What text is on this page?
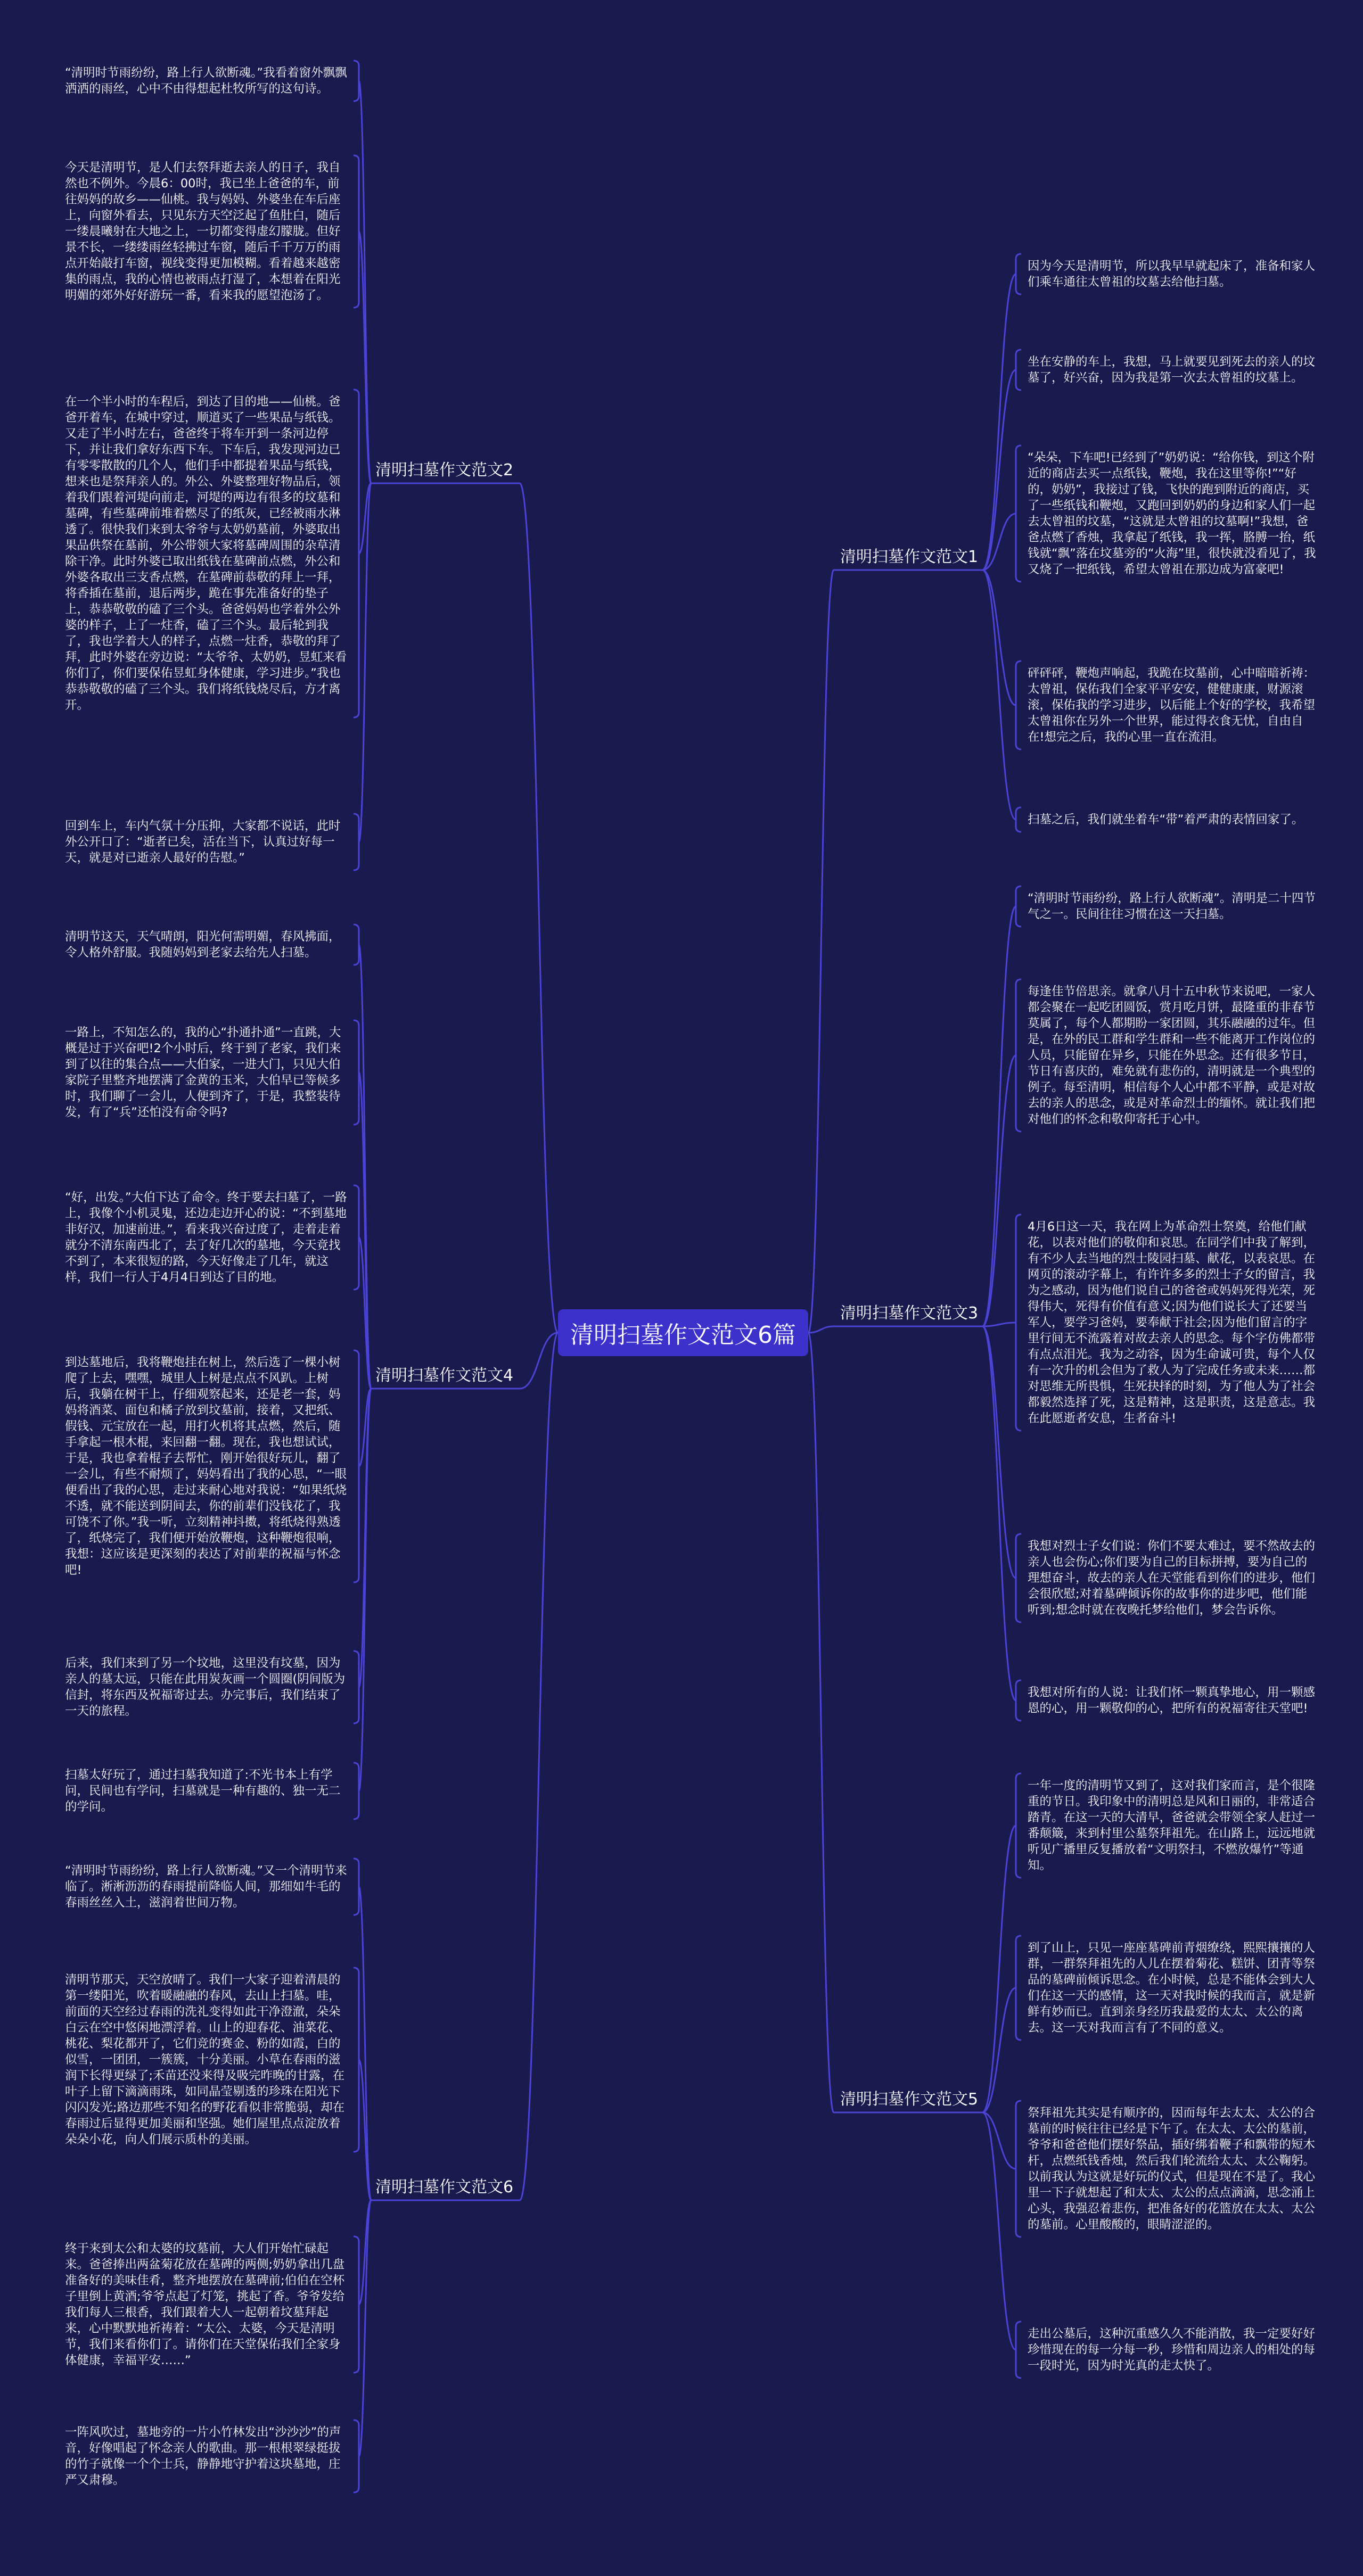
清明扫墓作文范文6篇

清明扫墓作文范文1

因为今天是清明节，所以我早早就起床了，准备和家人们乘车通往太曾祖的坟墓去给他扫墓。

坐在安静的车上，我想，马上就要见到死去的亲人的坟墓了，好兴奋，因为我是第一次去太曾祖的坟墓上。

“朵朵，下车吧!已经到了”奶奶说：“给你钱，到这个附近的商店去买一点纸钱，鞭炮，我在这里等你!”“好的，奶奶”，我接过了钱，飞快的跑到附近的商店，买了一些纸钱和鞭炮，又跑回到奶奶的身边和家人们一起去太曾祖的坟墓，“这就是太曾祖的坟墓啊!”我想，爸爸点燃了香烛，我拿起了纸钱，我一挥，胳膊一抬，纸钱就“飘”落在坟墓旁的“火海”里，很快就没看见了，我又烧了一把纸钱，希望太曾祖在那边成为富豪吧!

砰砰砰，鞭炮声响起，我跪在坟墓前，心中暗暗祈祷：太曾祖，保佑我们全家平平安安，健健康康，财源滚滚，保佑我的学习进步，以后能上个好的学校，我希望太曾祖你在另外一个世界，能过得衣食无忧，自由自在!想完之后，我的心里一直在流泪。

扫墓之后，我们就坐着车“带”着严肃的表情回家了。

清明扫墓作文范文3

“清明时节雨纷纷，路上行人欲断魂”。清明是二十四节气之一。民间往往习惯在这一天扫墓。

每逢佳节倍思亲。就拿八月十五中秋节来说吧，一家人都会聚在一起吃团圆饭，赏月吃月饼，最隆重的非春节莫属了，每个人都期盼一家团圆，其乐融融的过年。但是，在外的民工群和学生群和一些不能离开工作岗位的人员，只能留在异乡，只能在外思念。还有很多节日，节日有喜庆的，难免就有悲伤的，清明就是一个典型的例子。每至清明，相信每个人心中都不平静，或是对故去的亲人的思念，或是对革命烈士的缅怀。就让我们把对他们的怀念和敬仰寄托于心中。

4月6日这一天，我在网上为革命烈士祭奠，给他们献花，以表对他们的敬仰和哀思。在同学们中我了解到，有不少人去当地的烈士陵园扫墓、献花，以表哀思。在网页的滚动字幕上，有许许多多的烈士子女的留言，我为之感动，因为他们说自己的爸爸或妈妈死得光荣，死得伟大，死得有价值有意义;因为他们说长大了还要当军人，要学习爸妈，要奉献于社会;因为他们留言的字里行间无不流露着对故去亲人的思念。每个字仿佛都带有点点泪光。我为之动容，因为生命诚可贵，每个人仅有一次升的机会但为了救人为了完成任务或未来……都对思维无所畏惧，生死抉择的时刻，为了他人为了社会都毅然选择了死，这是精神，这是职责，这是意志。我在此愿逝者安息，生者奋斗!

我想对烈士子女们说：你们不要太难过，要不然故去的亲人也会伤心;你们要为自己的目标拼搏，要为自己的理想奋斗，故去的亲人在天堂能看到你们的进步，他们会很欣慰;对着墓碑倾诉你的故事你的进步吧，他们能听到;想念时就在夜晚托梦给他们，梦会告诉你。

我想对所有的人说：让我们怀一颗真挚地心，用一颗感恩的心，用一颗敬仰的心，把所有的祝福寄往天堂吧!

清明扫墓作文范文5

一年一度的清明节又到了，这对我们家而言，是个很隆重的节日。我印象中的清明总是风和日丽的，非常适合踏青。在这一天的大清早，爸爸就会带领全家人赶过一番颠簸，来到村里公墓祭拜祖先。在山路上，远远地就听见广播里反复播放着“文明祭扫，不燃放爆竹”等通知。

到了山上，只见一座座墓碑前青烟缭绕，熙熙攘攘的人群，一群祭拜祖先的人儿在摆着菊花、糕饼、团青等祭品的墓碑前倾诉思念。在小时候，总是不能体会到大人们在这一天的感情，这一天对我时候的我而言，就是新鲜有妙而已。直到亲身经历我最爱的太太、太公的离去。这一天对我而言有了不同的意义。

祭拜祖先其实是有顺序的，因而每年去太太、太公的合墓前的时候往往已经是下午了。在太太、太公的墓前，爷爷和爸爸他们摆好祭品，插好绑着鞭子和飘带的短木杆，点燃纸钱香烛，然后我们轮流给太太、太公鞠躬。以前我认为这就是好玩的仪式，但是现在不是了。我心里一下子就想起了和太太、太公的点点滴滴，思念涌上心头，我强忍着悲伤，把准备好的花篮放在太太、太公的墓前。心里酸酸的，眼睛涩涩的。

走出公墓后，这种沉重感久久不能消散，我一定要好好珍惜现在的每一分每一秒，珍惜和周边亲人的相处的每一段时光，因为时光真的走太快了。

清明扫墓作文范文2

“清明时节雨纷纷，路上行人欲断魂。”我看着窗外飘飘洒洒的雨丝，心中不由得想起杜牧所写的这句诗。

今天是清明节，是人们去祭拜逝去亲人的日子，我自然也不例外。今晨6：00时，我已坐上爸爸的车，前往妈妈的故乡——仙桃。我与妈妈、外婆坐在车后座上，向窗外看去，只见东方天空泛起了鱼肚白，随后一缕晨曦射在大地之上，一切都变得虚幻朦胧。但好景不长，一缕缕雨丝轻拂过车窗，随后千千万万的雨点开始敲打车窗，视线变得更加模糊。看着越来越密集的雨点，我的心情也被雨点打湿了，本想着在阳光明媚的郊外好好游玩一番，看来我的愿望泡汤了。

在一个半小时的车程后，到达了目的地——仙桃。爸爸开着车，在城中穿过，顺道买了一些果品与纸钱。又走了半小时左右，爸爸终于将车开到一条河边停下，并让我们拿好东西下车。下车后，我发现河边已有零零散散的几个人，他们手中都提着果品与纸钱，想来也是祭拜亲人的。外公、外婆整理好物品后，领着我们跟着河堤向前走，河堤的两边有很多的坟墓和墓碑，有些墓碑前堆着燃尽了的纸灰，已经被雨水淋透了。很快我们来到太爷爷与太奶奶墓前，外婆取出果品供祭在墓前，外公带领大家将墓碑周围的杂草清除干净。此时外婆已取出纸钱在墓碑前点燃，外公和外婆各取出三支香点燃，在墓碑前恭敬的拜上一拜，将香插在墓前，退后两步，跪在事先准备好的垫子上，恭恭敬敬的磕了三个头。爸爸妈妈也学着外公外婆的样子，上了一炷香，磕了三个头。最后轮到我了，我也学着大人的样子，点燃一炷香，恭敬的拜了拜，此时外婆在旁边说：“太爷爷、太奶奶，昱虹来看你们了，你们要保佑昱虹身体健康，学习进步。”我也恭恭敬敬的磕了三个头。我们将纸钱烧尽后，方才离开。

回到车上，车内气氛十分压抑，大家都不说话，此时外公开口了：“逝者已矣，活在当下，认真过好每一天，就是对已逝亲人最好的告慰。”

清明扫墓作文范文4

清明节这天，天气晴朗，阳光何需明媚，春风拂面，令人格外舒服。我随妈妈到老家去给先人扫墓。

一路上，不知怎么的，我的心“扑通扑通”一直跳，大概是过于兴奋吧!2个小时后，终于到了老家，我们来到了以往的集合点——大伯家，一进大门，只见大伯家院子里整齐地摆满了金黄的玉米，大伯早已等候多时，我们聊了一会儿，人便到齐了，于是，我整装待发，有了“兵”还怕没有命令吗?

“好，出发。”大伯下达了命令。终于要去扫墓了，一路上，我像个小机灵鬼，还边走边开心的说：“不到墓地非好汉，加速前进。”，看来我兴奋过度了，走着走着就分不清东南西北了，去了好几次的墓地，今天竟找不到了，本来很短的路，今天好像走了几年，就这样，我们一行人于4月4日到达了目的地。

到达墓地后，我将鞭炮挂在树上，然后选了一棵小树爬了上去，嘿嘿，城里人上树是点点不风趴。上树后，我躺在树干上，仔细观察起来，还是老一套，妈妈将酒菜、面包和橘子放到坟墓前，接着，又把纸、假钱、元宝放在一起，用打火机将其点燃，然后，随手拿起一根木棍，来回翻一翻。现在，我也想试试，于是，我也拿着棍子去帮忙，刚开始很好玩儿，翻了一会儿，有些不耐烦了，妈妈看出了我的心思，“一眼便看出了我的心思，走过来耐心地对我说：“如果纸烧不透，就不能送到阴间去，你的前辈们没钱花了，我可饶不了你。”我一听，立刻精神抖擞，将纸烧得熟透了，纸烧完了，我们便开始放鞭炮，这种鞭炮很响，我想：这应该是更深刻的表达了对前辈的祝福与怀念吧!

后来，我们来到了另一个坟地，这里没有坟墓，因为亲人的墓太远，只能在此用炭灰画一个圆圈(阴间版为信封，将东西及祝福寄过去。办完事后，我们结束了一天的旅程。

扫墓太好玩了，通过扫墓我知道了:不光书本上有学问，民间也有学问，扫墓就是一种有趣的、独一无二的学问。

清明扫墓作文范文6

“清明时节雨纷纷，路上行人欲断魂。”又一个清明节来临了。淅淅沥沥的春雨提前降临人间，那细如牛毛的春雨丝丝入土，滋润着世间万物。

清明节那天，天空放晴了。我们一大家子迎着清晨的第一缕阳光，吹着暖融融的春风，去山上扫墓。哇，前面的天空经过春雨的洗礼变得如此干净澄澈，朵朵白云在空中悠闲地漂浮着。山上的迎春花、油菜花、桃花、梨花都开了，它们竞的赛金、粉的如霞，白的似雪，一团团，一簇簇，十分美丽。小草在春雨的滋润下长得更绿了;禾苗还没来得及吸完昨晚的甘露，在叶子上留下滴滴雨珠，如同晶莹剔透的珍珠在阳光下闪闪发光;路边那些不知名的野花看似非常脆弱，却在春雨过后显得更加美丽和坚强。她们屋里点点淀放着朵朵小花，向人们展示质朴的美丽。

终于来到太公和太婆的坟墓前，大人们开始忙碌起来。爸爸捧出两盆菊花放在墓碑的两侧;奶奶拿出几盘准备好的美味佳肴，整齐地摆放在墓碑前;伯伯在空杯子里倒上黄酒;爷爷点起了灯笼，挑起了香。爷爷发给我们每人三根香，我们跟着大人一起朝着坟墓拜起来，心中默默地祈祷着：“太公、太婆，今天是清明节，我们来看你们了。请你们在天堂保佑我们全家身体健康，幸福平安……”

一阵风吹过，墓地旁的一片小竹林发出“沙沙沙”的声音，好像唱起了怀念亲人的歌曲。那一根根翠绿挺拔的竹子就像一个个士兵，静静地守护着这块墓地，庄严又肃穆。
